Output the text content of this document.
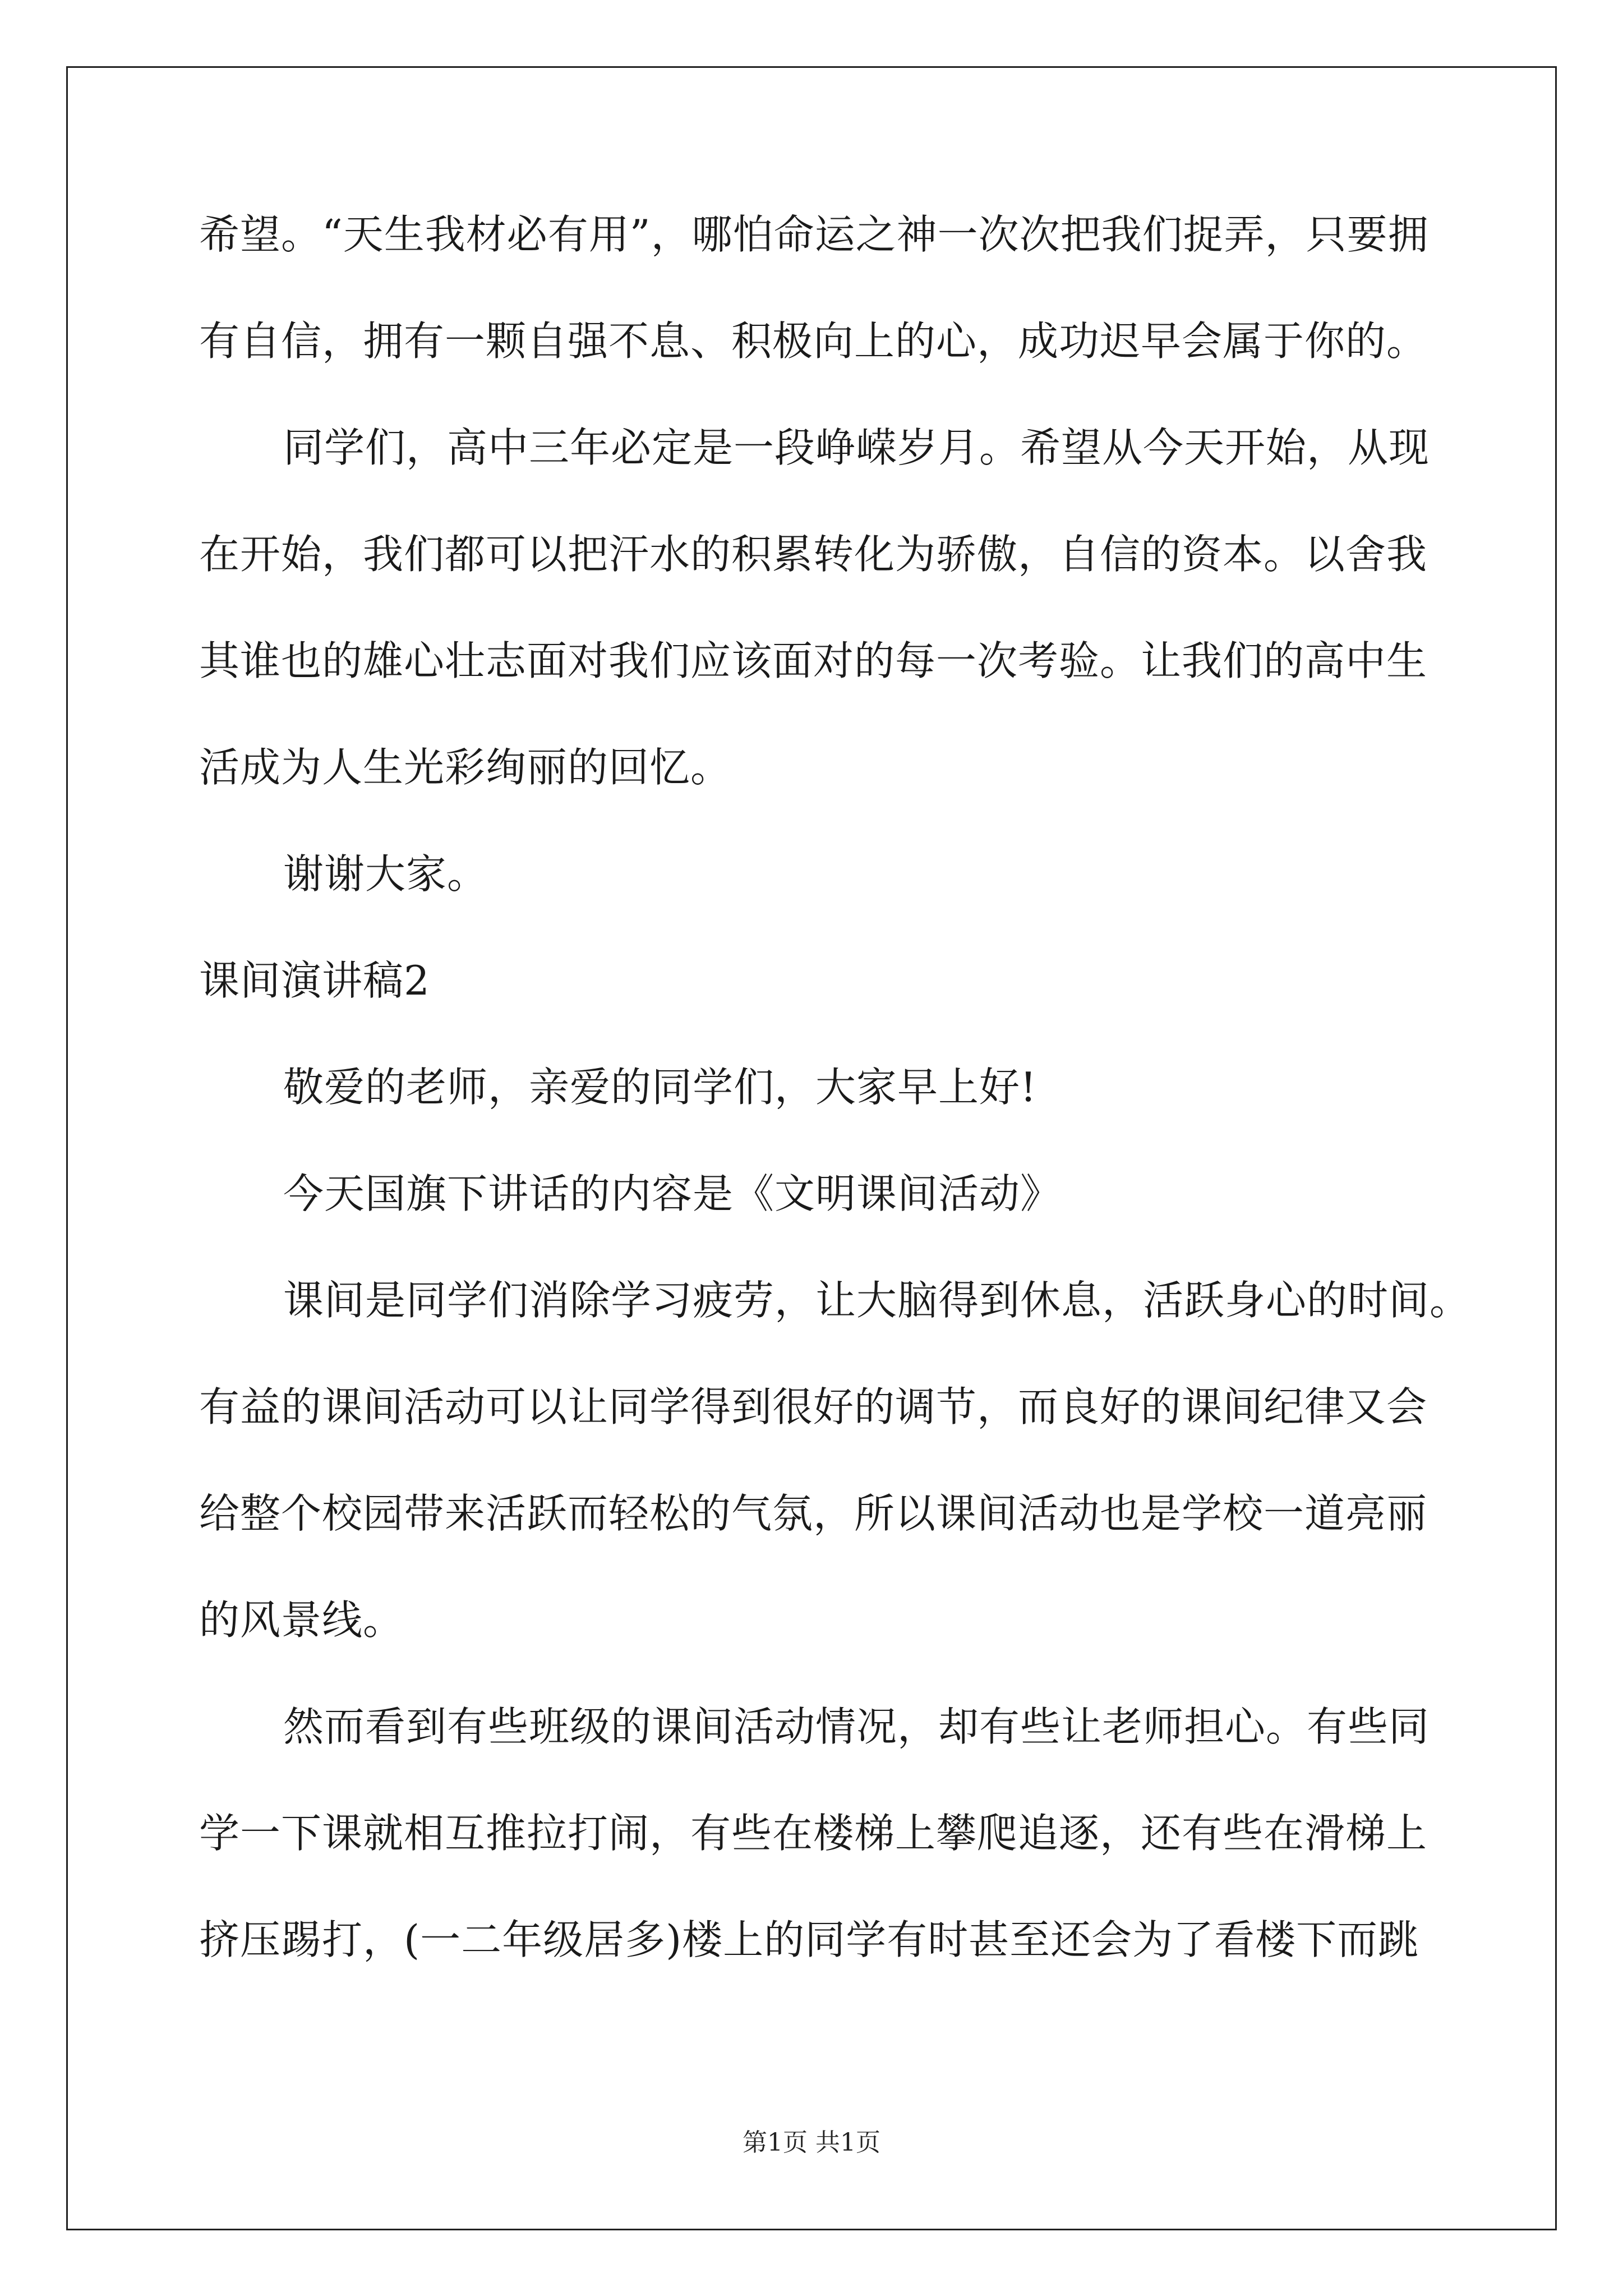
希望。“天生我材必有用”，哪怕命运之神一次次把我们捉弄，只要拥
有自信，拥有一颗自强不息、积极向上的心，成功迟早会属于你的。
同学们，高中三年必定是一段峥嵘岁月。希望从今天开始，从现
在开始，我们都可以把汗水的积累转化为骄傲，自信的资本。以舍我
其谁也的雄心壮志面对我们应该面对的每一次考验。让我们的高中生
活成为人生光彩绚丽的回忆。
谢谢大家。
课间演讲稿2
敬爱的老师，亲爱的同学们，大家早上好!
今天国旗下讲话的内容是《文明课间活动》
课间是同学们消除学习疲劳，让大脑得到休息，活跃身心的时间。
有益的课间活动可以让同学得到很好的调节，而良好的课间纪律又会
给整个校园带来活跃而轻松的气氛，所以课间活动也是学校一道亮丽
的风景线。
然而看到有些班级的课间活动情况，却有些让老师担心。有些同
学一下课就相互推拉打闹，有些在楼梯上攀爬追逐，还有些在滑梯上
挤压踢打，(一二年级居多)楼上的同学有时甚至还会为了看楼下而跳
第1页 共1页
